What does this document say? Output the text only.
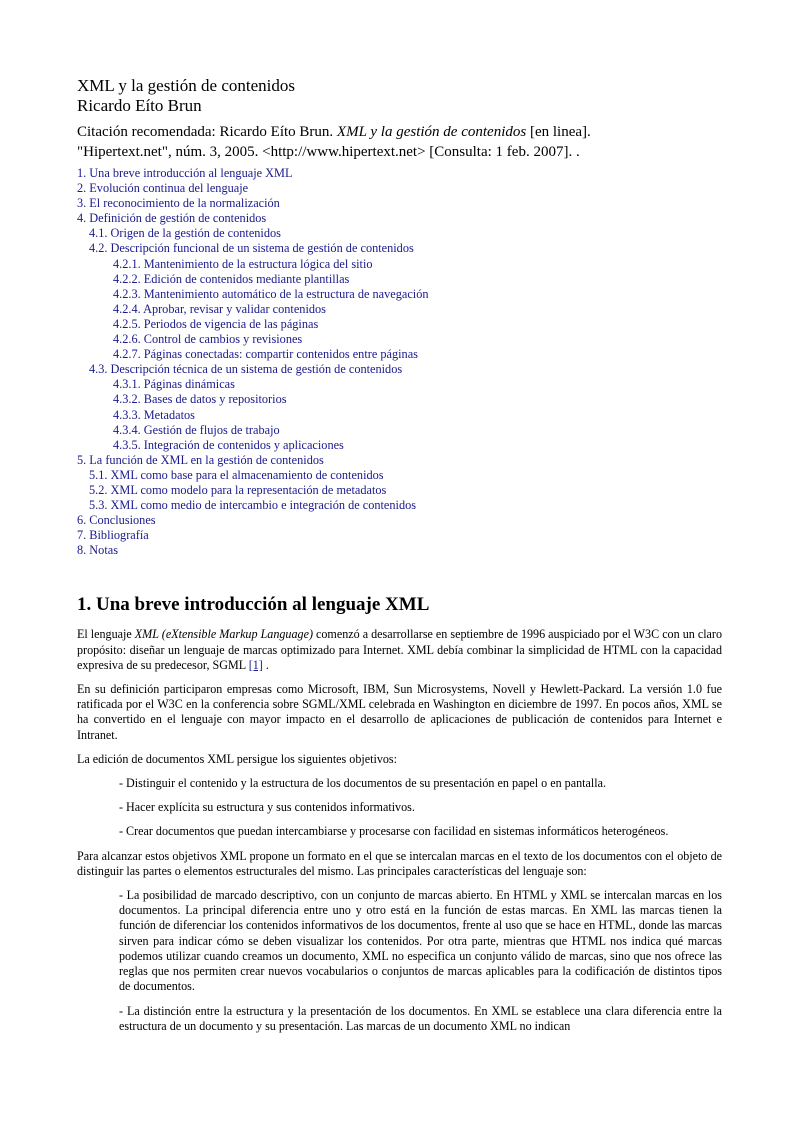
XML y la gestión de contenidos

Ricardo Eíto Brun

Citación recomendada: Ricardo Eíto Brun. XML y la gestión de contenidos [en linea].
"Hipertext.net", núm. 3, 2005. <http://www.hipertext.net> [Consulta: 1 feb. 2007]. .

1. Una breve introducción al lenguaje XML
2. Evolución continua del lenguaje
3. El reconocimiento de la normalización
4. Definición de gestión de contenidos
4.1. Origen de la gestión de contenidos
4.2. Descripción funcional de un sistema de gestión de contenidos
4.2.1. Mantenimiento de la estructura lógica del sitio
4.2.2. Edición de contenidos mediante plantillas
4.2.3. Mantenimiento automático de la estructura de navegación
4.2.4. Aprobar, revisar y validar contenidos
4.2.5. Periodos de vigencia de las páginas
4.2.6. Control de cambios y revisiones
4.2.7. Páginas conectadas: compartir contenidos entre páginas
4.3. Descripción técnica de un sistema de gestión de contenidos
4.3.1. Páginas dinámicas
4.3.2. Bases de datos y repositorios
4.3.3. Metadatos
4.3.4. Gestión de flujos de trabajo
4.3.5. Integración de contenidos y aplicaciones
5. La función de XML en la gestión de contenidos
5.1. XML como base para el almacenamiento de contenidos
5.2. XML como modelo para la representación de metadatos
5.3. XML como medio de intercambio e integración de contenidos
6. Conclusiones
7. Bibliografía
8. Notas
1. Una breve introducción al lenguaje XML

El lenguaje XML (eXtensible Markup Language) comenzó a desarrollarse en septiembre de 1996 auspiciado por el W3C con un claro propósito: diseñar un lenguaje de marcas optimizado para Internet. XML debía combinar la simplicidad de HTML con la capacidad expresiva de su predecesor, SGML [1] .

En su definición participaron empresas como Microsoft, IBM, Sun Microsystems, Novell y Hewlett-Packard. La versión 1.0 fue ratificada por el W3C en la conferencia sobre SGML/XML celebrada en Washington en diciembre de 1997. En pocos años, XML se ha convertido en el lenguaje con mayor impacto en el desarrollo de aplicaciones de publicación de contenidos para Internet e Intranet.

La edición de documentos XML persigue los siguientes objetivos:

- Distinguir el contenido y la estructura de los documentos de su presentación en papel o en pantalla.

- Hacer explícita su estructura y sus contenidos informativos.

- Crear documentos que puedan intercambiarse y procesarse con facilidad en sistemas informáticos heterogéneos.

Para alcanzar estos objetivos XML propone un formato en el que se intercalan marcas en el texto de los documentos con el objeto de distinguir las partes o elementos estructurales del mismo. Las principales características del lenguaje son:

- La posibilidad de marcado descriptivo, con un conjunto de marcas abierto. En HTML y XML se intercalan marcas en los documentos. La principal diferencia entre uno y otro está en la función de estas marcas. En XML las marcas tienen la función de diferenciar los contenidos informativos de los documentos, frente al uso que se hace en HTML, donde las marcas sirven para indicar cómo se deben visualizar los contenidos. Por otra parte, mientras que HTML nos indica qué marcas podemos utilizar cuando creamos un documento, XML no especifica un conjunto válido de marcas, sino que nos ofrece las reglas que nos permiten crear nuevos vocabularios o conjuntos de marcas aplicables para la codificación de distintos tipos de documentos.

- La distinción entre la estructura y la presentación de los documentos. En XML se establece una clara diferencia entre la estructura de un documento y su presentación. Las marcas de un documento XML no indican
